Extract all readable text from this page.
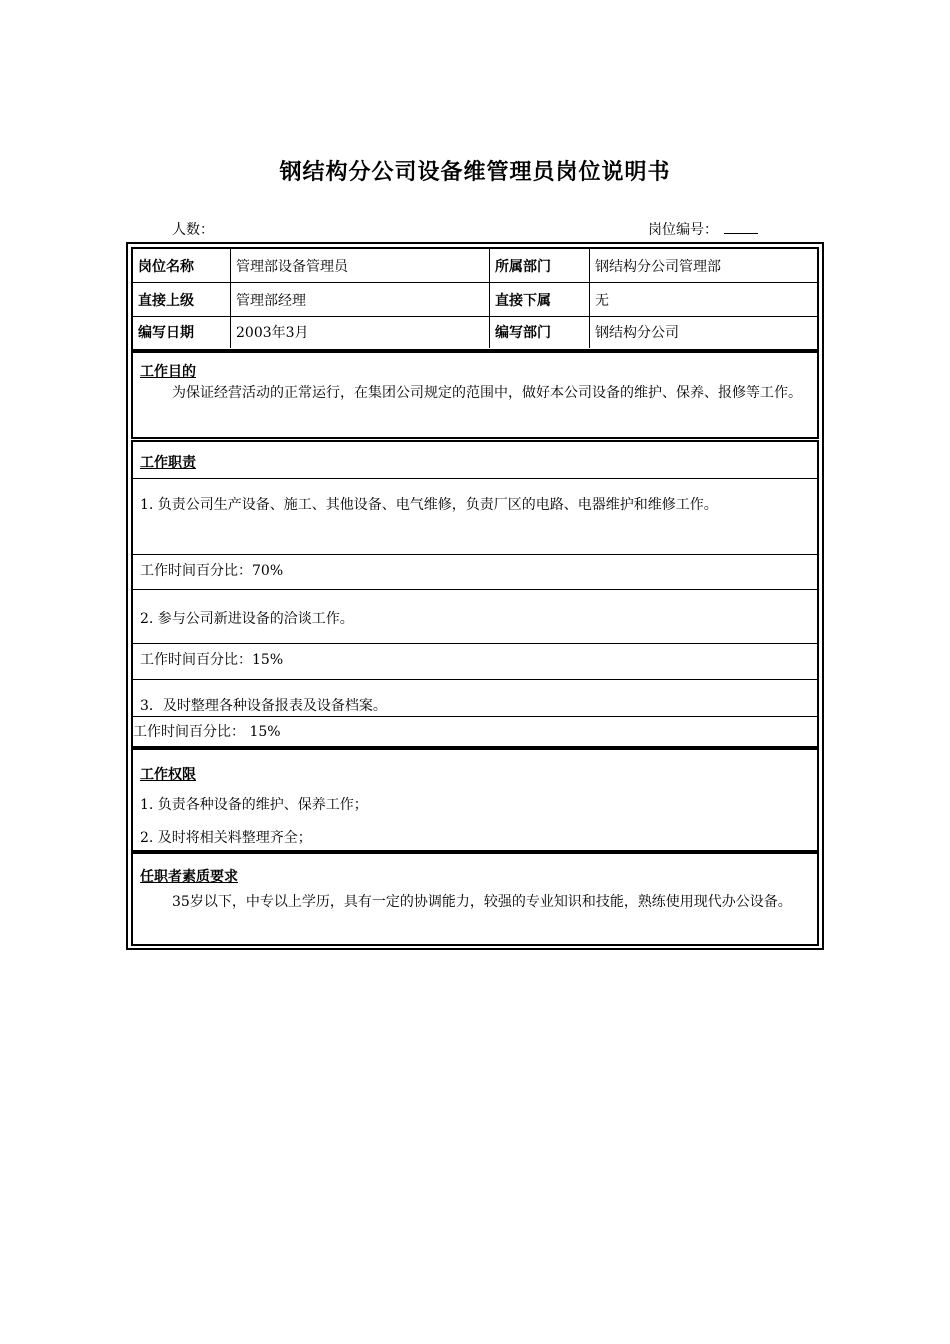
钢结构分公司设备维管理员岗位说明书
人数：	岗位编号：
岗位名称	管理部设备管理员	所属部门	钢结构分公司管理部
直接上级	管理部经理	直接下属	无
编写日期	2003年3月	编写部门	钢结构分公司
工作目的
为保证经营活动的正常运行，在集团公司规定的范围中，做好本公司设备的维护、保养、报修等工作。
工作职责
1. 负责公司生产设备、施工、其他设备、电气维修，负责厂区的电路、电器维护和维修工作。
工作时间百分比：70%
2. 参与公司新进设备的洽谈工作。
工作时间百分比：15%
3．及时整理各种设备报表及设备档案。
工作时间百分比： 15%
工作权限
1. 负责各种设备的维护、保养工作；
2. 及时将相关料整理齐全；
任职者素质要求
35岁以下，中专以上学历，具有一定的协调能力，较强的专业知识和技能，熟练使用现代办公设备。
